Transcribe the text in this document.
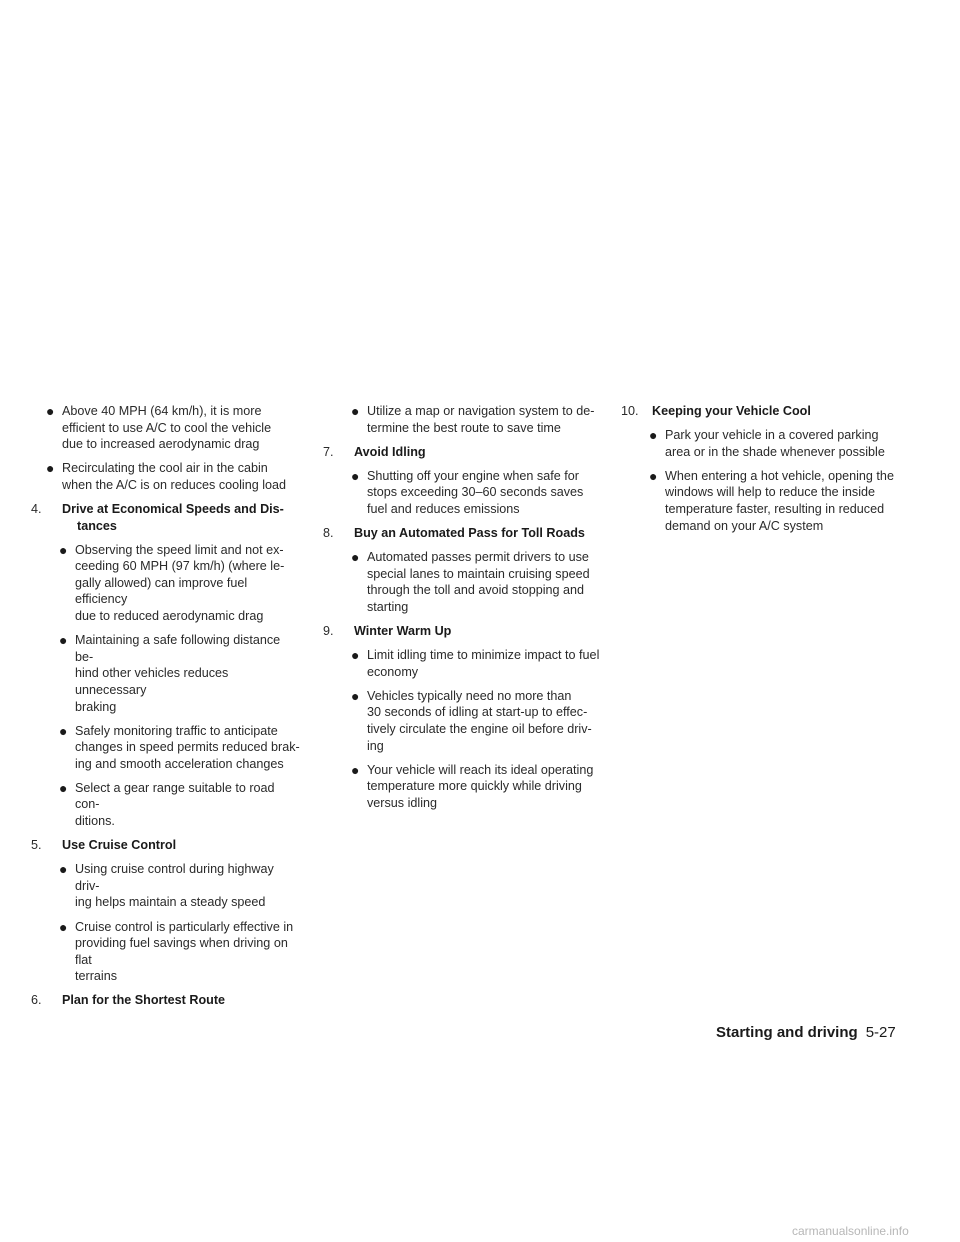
● Above 40 MPH (64 km/h), it is more
efficient to use A/C to cool the vehicle
due to increased aerodynamic drag
● Recirculating the cool air in the cabin
when the A/C is on reduces cooling load
4.	Drive at Economical Speeds and Dis-
tances
● Observing the speed limit and not ex-
ceeding 60 MPH (97 km/h) (where le-
gally allowed) can improve fuel efficiency
due to reduced aerodynamic drag
● Maintaining a safe following distance be-
hind other vehicles reduces unnecessary
braking
● Safely monitoring traffic to anticipate
changes in speed permits reduced brak-
ing and smooth acceleration changes
● Select a gear range suitable to road con-
ditions.
5.	Use Cruise Control
● Using cruise control during highway driv-
ing helps maintain a steady speed
● Cruise control is particularly effective in
providing fuel savings when driving on flat
terrains
6.	Plan for the Shortest Route
● Utilize a map or navigation system to de-
termine the best route to save time
7.	Avoid Idling
● Shutting off your engine when safe for
stops exceeding 30–60 seconds saves
fuel and reduces emissions
8.	Buy an Automated Pass for Toll Roads
● Automated passes permit drivers to use
special lanes to maintain cruising speed
through the toll and avoid stopping and
starting
9.	Winter Warm Up
● Limit idling time to minimize impact to fuel
economy
● Vehicles typically need no more than
30 seconds of idling at start-up to effec-
tively circulate the engine oil before driv-
ing
● Your vehicle will reach its ideal operating
temperature more quickly while driving
versus idling
10.	Keeping your Vehicle Cool
● Park your vehicle in a covered parking
area or in the shade whenever possible
● When entering a hot vehicle, opening the
windows will help to reduce the inside
temperature faster, resulting in reduced
demand on your A/C system
Starting and driving 5-27
carmanualsonline.info
